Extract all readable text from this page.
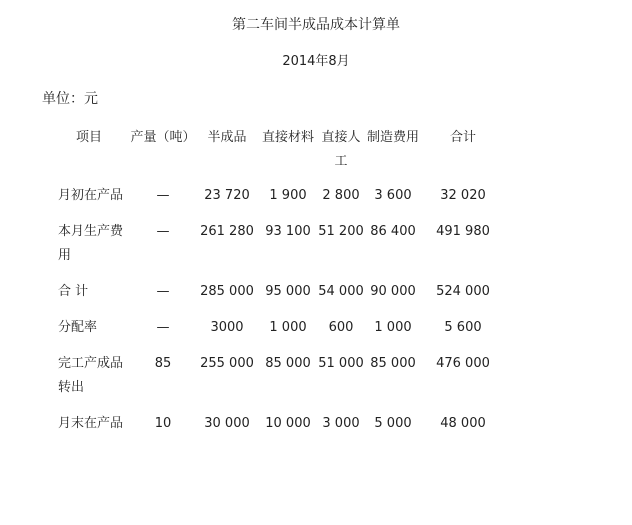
第二车间半成品成本计算单
2014年8月
单位：元
项目	产量（吨）	半成品	直接材料	直接人工	制造费用	合计
月初在产品	—	23 720	1 900	2 800	3 600	32 020
本月生产费用	—	261 280	93 100	51 200	86 400	491 980
合 计	—	285 000	95 000	54 000	90 000	524 000
分配率	—	3000	1 000	600	1 000	5 600
完工产成品转出	85	255 000	85 000	51 000	85 000	476 000
月末在产品	10	30 000	10 000	3 000	5 000	48 000
